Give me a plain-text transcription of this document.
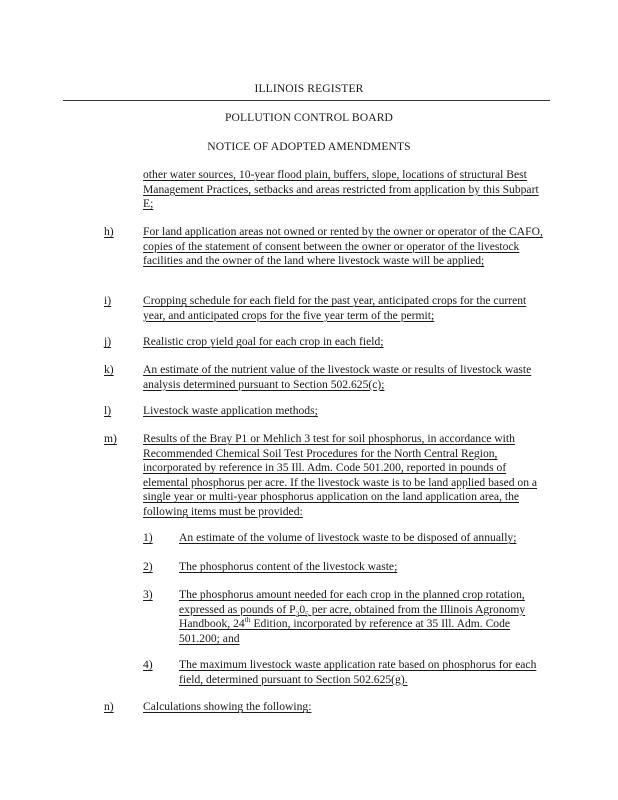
ILLINOIS REGISTER
POLLUTION CONTROL BOARD
NOTICE OF ADOPTED AMENDMENTS
other water sources, 10-year flood plain, buffers, slope, locations of structural Best Management Practices, setbacks and areas restricted from application by this Subpart E;
h)	For land application areas not owned or rented by the owner or operator of the CAFO, copies of the statement of consent between the owner or operator of the livestock facilities and the owner of the land where livestock waste will be applied;
i)	Cropping schedule for each field for the past year, anticipated crops for the current year, and anticipated crops for the five year term of the permit;
j)	Realistic crop yield goal for each crop in each field;
k)	An estimate of the nutrient value of the livestock waste or results of livestock waste analysis determined pursuant to Section 502.625(c);
l)	Livestock waste application methods;
m) Results of the Bray P1 or Mehlich 3 test for soil phosphorus, in accordance with Recommended Chemical Soil Test Procedures for the North Central Region, incorporated by reference in 35 Ill. Adm. Code 501.200, reported in pounds of elemental phosphorus per acre. If the livestock waste is to be land applied based on a single year or multi-year phosphorus application on the land application area, the following items must be provided:
1) An estimate of the volume of livestock waste to be disposed of annually;
2) The phosphorus content of the livestock waste;
3) The phosphorus amount needed for each crop in the planned crop rotation, expressed as pounds of $P_20_5$ per acre, obtained from the Illinois Agronomy Handbook, 24th Edition, incorporated by reference at 35 Ill. Adm. Code 501.200; and
4) The maximum livestock waste application rate based on phosphorus for each field, determined pursuant to Section 502.625(g).
n)	Calculations showing the following:
